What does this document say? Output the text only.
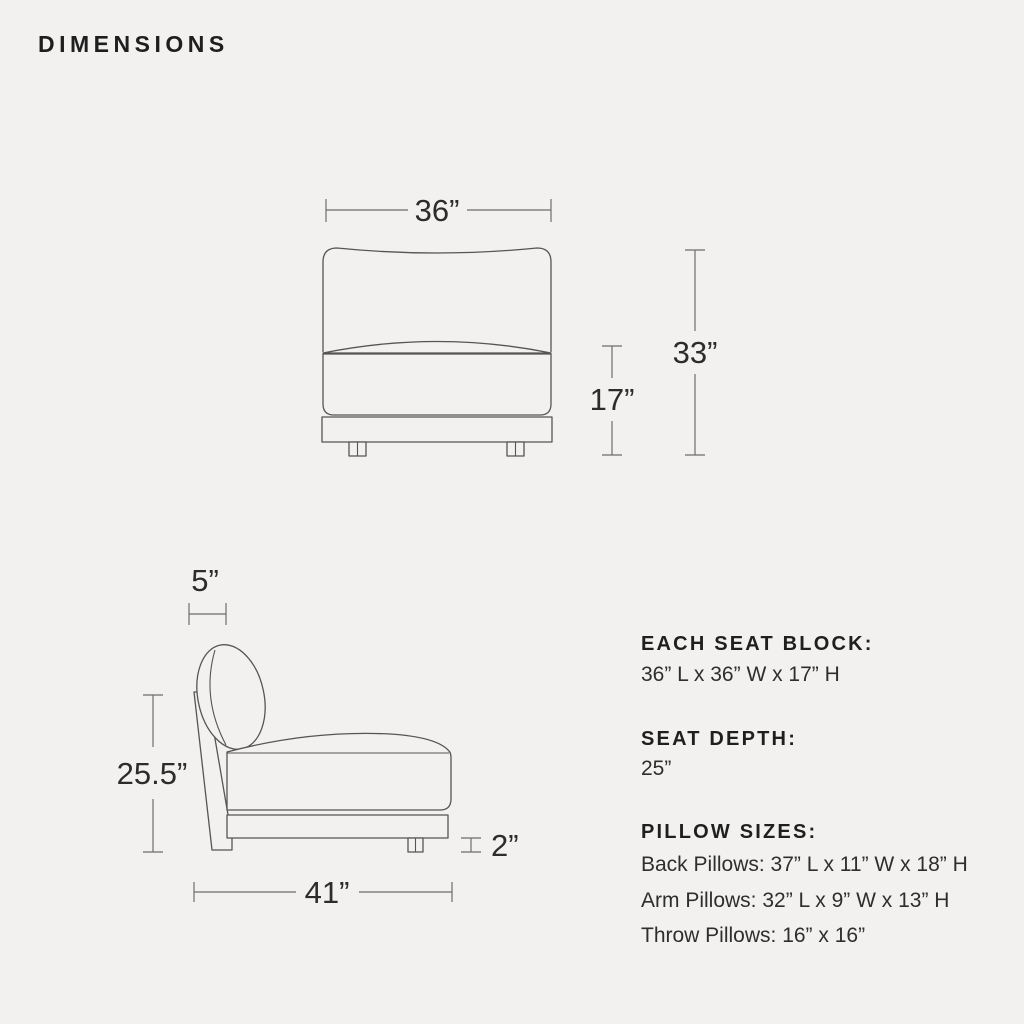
DIMENSIONS
36”
17”
33”
5”
2”
25.5”
41”
EACH SEAT BLOCK:
36” L x 36” W x 17” H
SEAT DEPTH:
25”
PILLOW SIZES:
Back Pillows: 37” L x 11” W x 18” H
Arm Pillows: 32” L x 9” W x 13” H
Throw Pillows: 16” x 16”
